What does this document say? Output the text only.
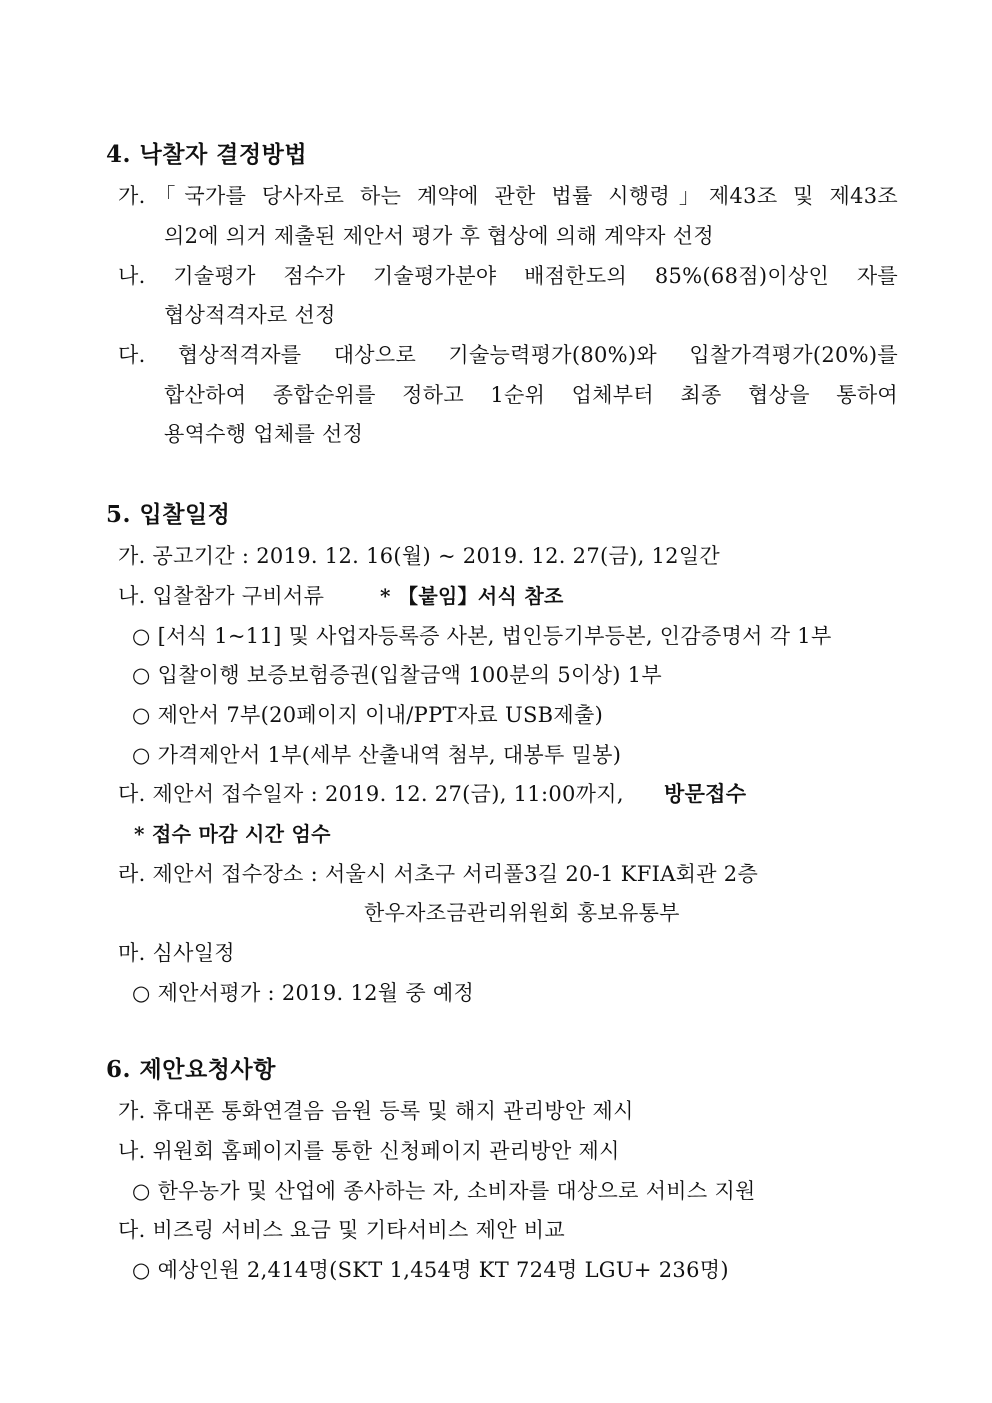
4. 낙찰자 결정방법
가.「국가를 당사자로 하는 계약에 관한 법률 시행령」제43조 및 제43조
의2에 의거 제출된 제안서 평가 후 협상에 의해 계약자 선정
나. 기술평가 점수가 기술평가분야 배점한도의 85%(68점)이상인 자를
협상적격자로 선정
다. 협상적격자를 대상으로 기술능력평가(80%)와 입찰가격평가(20%)를
합산하여 종합순위를 정하고 1순위 업체부터 최종 협상을 통하여
용역수행 업체를 선정
5. 입찰일정
가. 공고기간 : 2019. 12. 16(월) ~ 2019. 12. 27(금), 12일간
나. 입찰참가 구비서류	* 【붙임】서식 참조
○ [서식 1~11] 및 사업자등록증 사본, 법인등기부등본, 인감증명서 각 1부
○ 입찰이행 보증보험증권(입찰금액 100분의 5이상) 1부
○ 제안서 7부(20페이지 이내/PPT자료 USB제출)
○ 가격제안서 1부(세부 산출내역 첨부, 대봉투 밀봉)
다. 제안서 접수일자 : 2019. 12. 27(금), 11:00까지, 방문접수
* 접수 마감 시간 엄수
라. 제안서 접수장소 : 서울시 서초구 서리풀3길 20-1 KFIA회관 2층
한우자조금관리위원회 홍보유통부
마. 심사일정
○ 제안서평가 : 2019. 12월 중 예정
6. 제안요청사항
가. 휴대폰 통화연결음 음원 등록 및 해지 관리방안 제시
나. 위원회 홈페이지를 통한 신청페이지 관리방안 제시
○ 한우농가 및 산업에 종사하는 자, 소비자를 대상으로 서비스 지원
다. 비즈링 서비스 요금 및 기타서비스 제안 비교
○ 예상인원 2,414명(SKT 1,454명 KT 724명 LGU+ 236명)
